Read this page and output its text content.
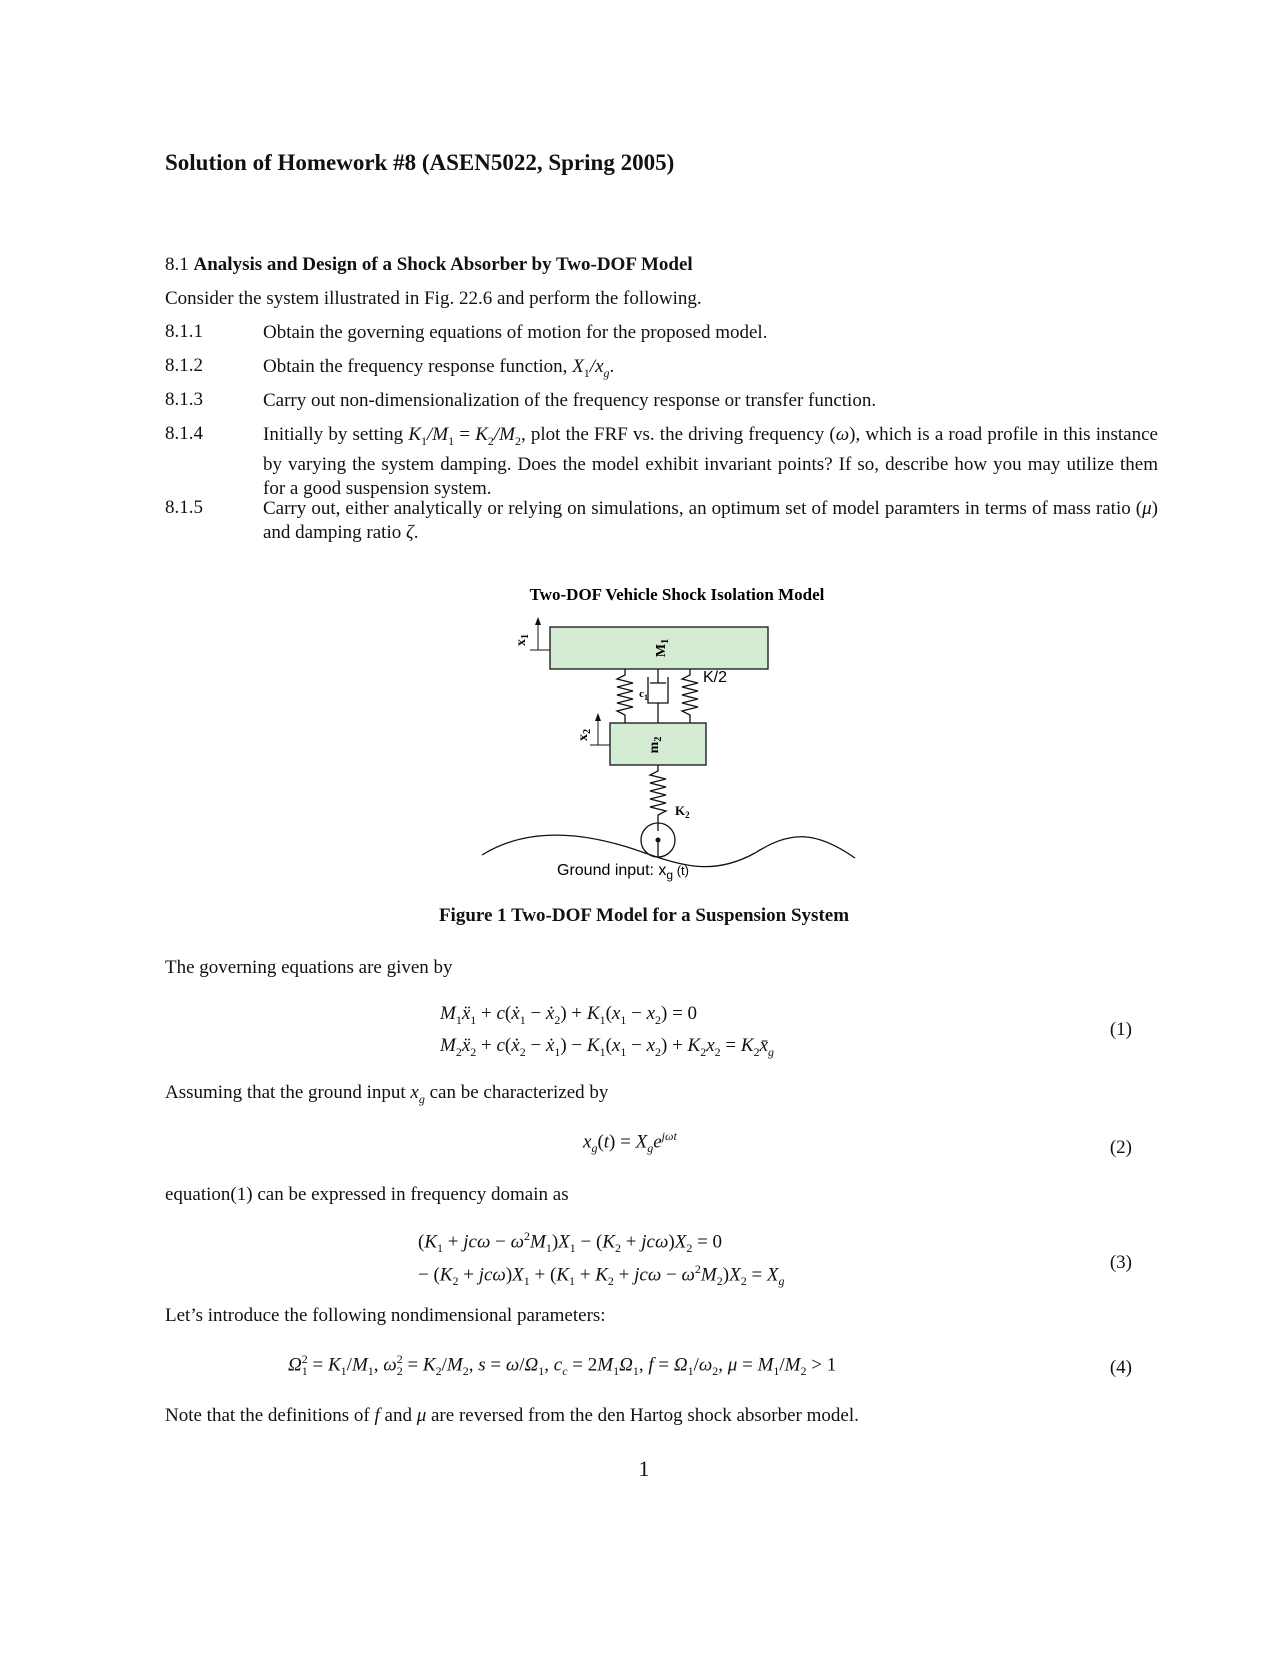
Solution of Homework #8 (ASEN5022, Spring 2005)
8.1 Analysis and Design of a Shock Absorber by Two-DOF Model
Consider the system illustrated in Fig. 22.6 and perform the following.
8.1.1	Obtain the governing equations of motion for the proposed model.
8.1.2	Obtain the frequency response function, $X_1/x_g$.
8.1.3	Carry out non-dimensionalization of the frequency response or transfer function.
8.1.4	Initially by setting $K_1/M_1 = K_2/M_2$, plot the FRF vs. the driving frequency (ω), which is a road profile in this instance by varying the system damping. Does the model exhibit invariant points? If so, describe how you may utilize them for a good suspension system.
8.1.5	Carry out, either analytically or relying on simulations, an optimum set of model paramters in terms of mass ratio (μ) and damping ratio ζ.
Two-DOF Vehicle Shock Isolation Model
$M_1$
$x_1$
$c_1$
K/2
$m_2$
$x_2$
$K_2$
Ground input: $x_g$ $^{(t)}$
Figure 1 Two-DOF Model for a Suspension System
The governing equations are given by
$M_1ẍ_1$ + c(ẋ$_1$ − ẋ$_2$) + $K_1(x_1 - x_2) = 0$
$M_2ẍ_2$ + c(ẋ$_2$ − ẋ$_1$) − $K_1(x_1 - x_2) + K_2x_2$ = $K_2x̄_g$
(1)
Assuming that the ground input $x_g$ can be characterized by
$x_g(t) = X_ge^{j\omega t}$
(2)
equation(1) can be expressed in frequency domain as
$(K_1 + jc\omega - \omega^2M_1)X_1 - (K_2 + jc\omega)X_2 = 0$
− $(K_2 + jc\omega)X_1 + (K_1 + K_2 + jc\omega - \omega^2M_2)X_2 = X_g$
(3)
Let’s introduce the following nondimensional parameters:
$\Omega_1^2 = K_1/M_1$, $\omega_2^2 = K_2/M_2$, $s = \omega/\Omega_1$, $c_c = 2M_1\Omega_1$, $f = \Omega_1/\omega_2$, $\mu = M_1/M_2 > 1$	(4)
Note that the definitions of f and μ are reversed from the den Hartog shock absorber model.
1
